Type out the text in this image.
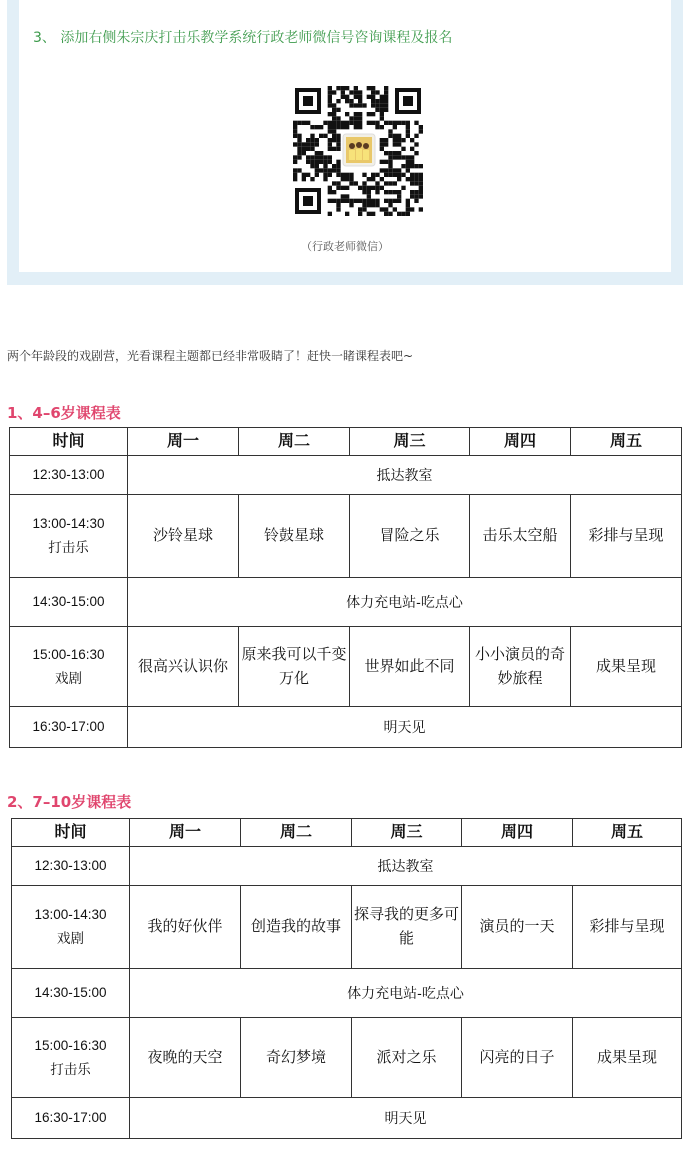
3、 添加右侧朱宗庆打击乐教学系统行政老师微信号咨询课程及报名
（行政老师微信）
两个年龄段的戏剧营，光看课程主题都已经非常吸睛了！赶快一睹课程表吧~
1、4–6岁课程表
时间	周一	周二	周三	周四	周五
12:30-13:00	抵达教室				
13:00-14:30
打击乐	沙铃星球	铃鼓星球	冒险之乐	击乐太空船	彩排与呈现
14:30-15:00	体力充电站-吃点心				
15:00-16:30
戏剧	很高兴认识你	原来我可以千变万化	世界如此不同	小小演员的奇妙旅程	成果呈现
16:30-17:00	明天见				
2、7–10岁课程表
时间	周一	周二	周三	周四	周五
12:30-13:00	抵达教室				
13:00-14:30
戏剧	我的好伙伴	创造我的故事	探寻我的更多可能	演员的一天	彩排与呈现
14:30-15:00	体力充电站-吃点心				
15:00-16:30
打击乐	夜晚的天空	奇幻梦境	派对之乐	闪亮的日子	成果呈现
16:30-17:00	明天见				
